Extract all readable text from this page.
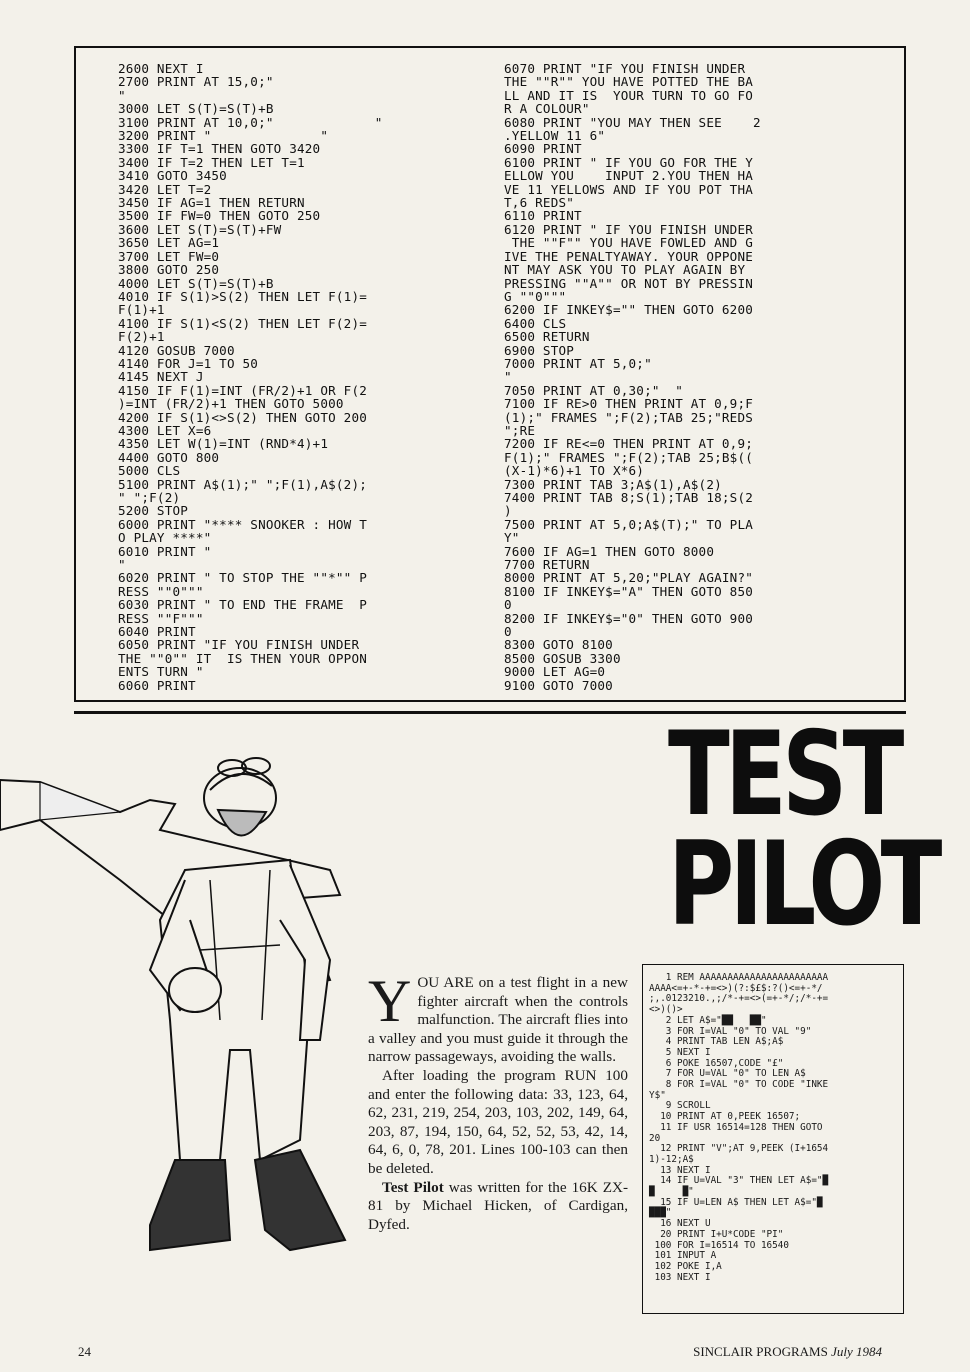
2600 NEXT I
2700 PRINT AT 15,0;"
"
3000 LET S(T)=S(T)+B
3100 PRINT AT 10,0;"             "
3200 PRINT "              "
3300 IF T=1 THEN GOTO 3420
3400 IF T=2 THEN LET T=1
3410 GOTO 3450
3420 LET T=2
3450 IF AG=1 THEN RETURN
3500 IF FW=0 THEN GOTO 250
3600 LET S(T)=S(T)+FW
3650 LET AG=1
3700 LET FW=0
3800 GOTO 250
4000 LET S(T)=S(T)+B
4010 IF S(1)>S(2) THEN LET F(1)=
F(1)+1
4100 IF S(1)<S(2) THEN LET F(2)=
F(2)+1
4120 GOSUB 7000
4140 FOR J=1 TO 50
4145 NEXT J
4150 IF F(1)=INT (FR/2)+1 OR F(2
)=INT (FR/2)+1 THEN GOTO 5000
4200 IF S(1)<>S(2) THEN GOTO 200
4300 LET X=6
4350 LET W(1)=INT (RND*4)+1
4400 GOTO 800
5000 CLS
5100 PRINT A$(1);" ";F(1),A$(2);
" ";F(2)
5200 STOP
6000 PRINT "**** SNOOKER : HOW T
O PLAY ****"
6010 PRINT "
"
6020 PRINT " TO STOP THE ""*"" P
RESS ""0"""
6030 PRINT " TO END THE FRAME  P
RESS ""F"""
6040 PRINT
6050 PRINT "IF YOU FINISH UNDER
THE ""0"" IT  IS THEN YOUR OPPON
ENTS TURN "
6060 PRINT
6070 PRINT "IF YOU FINISH UNDER
THE ""R"" YOU HAVE POTTED THE BA
LL AND IT IS  YOUR TURN TO GO FO
R A COLOUR"
6080 PRINT "YOU MAY THEN SEE    2
.YELLOW 11 6"
6090 PRINT
6100 PRINT " IF YOU GO FOR THE Y
ELLOW YOU    INPUT 2.YOU THEN HA
VE 11 YELLOWS AND IF YOU POT THA
T,6 REDS"
6110 PRINT
6120 PRINT " IF YOU FINISH UNDER
THE ""F"" YOU HAVE FOWLED AND G
IVE THE PENALTYAWAY. YOUR OPPONE
NT MAY ASK YOU TO PLAY AGAIN BY
PRESSING ""A"" OR NOT BY PRESSIN
G ""0"""
6200 IF INKEY$="" THEN GOTO 6200
6400 CLS
6500 RETURN
6900 STOP
7000 PRINT AT 5,0;"
"
7050 PRINT AT 0,30;"  "
7100 IF RE>0 THEN PRINT AT 0,9;F
(1);" FRAMES ";F(2);TAB 25;"REDS
";RE
7200 IF RE<=0 THEN PRINT AT 0,9;
F(1);" FRAMES ";F(2);TAB 25;B$((
(X-1)*6)+1 TO X*6)
7300 PRINT TAB 3;A$(1),A$(2)
7400 PRINT TAB 8;S(1);TAB 18;S(2
)
7500 PRINT AT 5,0;A$(T);" TO PLA
Y"
7600 IF AG=1 THEN GOTO 8000
7700 RETURN
8000 PRINT AT 5,20;"PLAY AGAIN?"
8100 IF INKEY$="A" THEN GOTO 850
0
8200 IF INKEY$="0" THEN GOTO 900
0
8300 GOTO 8100
8500 GOSUB 3300
9000 LET AG=0
9100 GOTO 7000
TEST
PILOT

YOU ARE on a test flight in a new fighter aircraft when the controls malfunction. The aircraft flies into a valley and you must guide it through the narrow passageways, avoiding the walls.

After loading the program RUN 100 and enter the following data: 33, 123, 64, 62, 231, 219, 254, 203, 103, 202, 149, 64, 203, 87, 194, 150, 64, 52, 52, 53, 42, 14, 64, 6, 0, 78, 201. Lines 100-103 can then be deleted.

Test Pilot was written for the 16K ZX-81 by Michael Hicken, of Cardigan, Dyfed.

1 REM AAAAAAAAAAAAAAAAAAAAAAA
AAAA<=+-*-+=<>)(?:$£$:?()<=+-*/
;,.0123210.,;/*-+=<>(=+-*/;/*-+=
<>)()>
2 LET A$="██   ██"
3 FOR I=VAL "0" TO VAL "9"
4 PRINT TAB LEN A$;A$
5 NEXT I
6 POKE 16507,CODE "£"
7 FOR U=VAL "0" TO LEN A$
8 FOR I=VAL "0" TO CODE "INKE
Y$"
9 SCROLL
10 PRINT AT 0,PEEK 16507;
11 IF USR 16514=128 THEN GOTO
20
12 PRINT "V";AT 9,PEEK (I+1654
1)-12;A$
13 NEXT I
14 IF U=VAL "3" THEN LET A$="█
█     █"
15 IF U=LEN A$ THEN LET A$="█
███"
16 NEXT U
20 PRINT I+U*CODE "PI"
100 FOR I=16514 TO 16540
101 INPUT A
102 POKE I,A
103 NEXT I
24	SINCLAIR PROGRAMS July 1984
